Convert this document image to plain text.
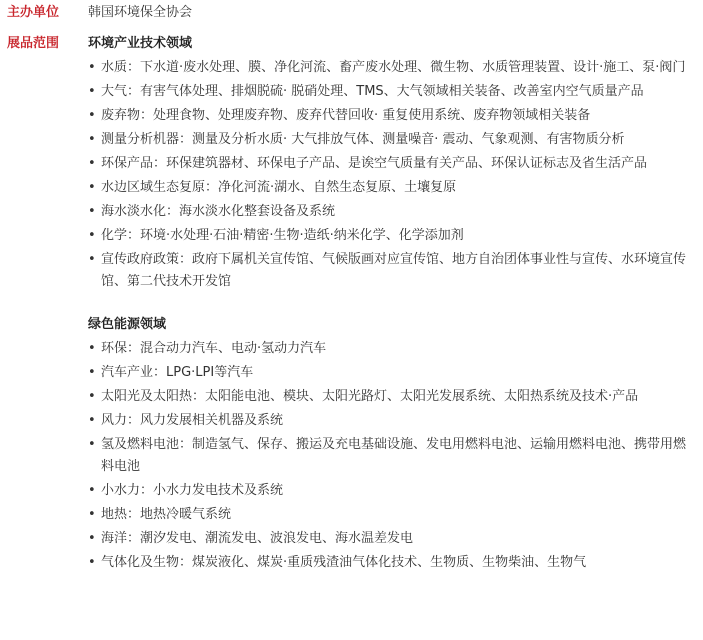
主办单位 韩国环境保全协会
展品范围 环境产业技术领域
• 水质：下水道·废水处理、膜、净化河流、畜产废水处理、微生物、水质管理装置、设计·施工、泵·阀门
• 大气：有害气体处理、排烟脱硫· 脱硝处理、TMS、大气领域相关装备、改善室内空气质量产品
• 废弃物：处理食物、处理废弃物、废弃代替回收· 重复使用系统、废弃物领域相关装备
• 测量分析机器：测量及分析水质· 大气排放气体、测量噪音· 震动、气象观测、有害物质分析
• 环保产品：环保建筑器材、环保电子产品、是诶空气质量有关产品、环保认证标志及省生活产品
• 水边区域生态复原：净化河流·湖水、自然生态复原、土壤复原
• 海水淡水化：海水淡水化整套设备及系统
• 化学：环境·水处理·石油·精密·生物·造纸·纳米化学、化学添加剂
• 宣传政府政策：政府下属机关宣传馆、气候版画对应宣传馆、地方自治团体事业性与宣传、水环境宣传馆、第二代技术开发馆
绿色能源领域
• 环保：混合动力汽车、电动·氢动力汽车
• 汽车产业：LPG·LPI等汽车
• 太阳光及太阳热：太阳能电池、模块、太阳光路灯、太阳光发展系统、太阳热系统及技术·产品
• 风力：风力发展相关机器及系统
• 氢及燃料电池：制造氢气、保存、搬运及充电基础设施、发电用燃料电池、运输用燃料电池、携带用燃料电池
• 小水力：小水力发电技术及系统
• 地热：地热冷暖气系统
• 海洋：潮汐发电、潮流发电、波浪发电、海水温差发电
• 气体化及生物：煤炭液化、煤炭·重质残渣油气体化技术、生物质、生物柴油、生物气
